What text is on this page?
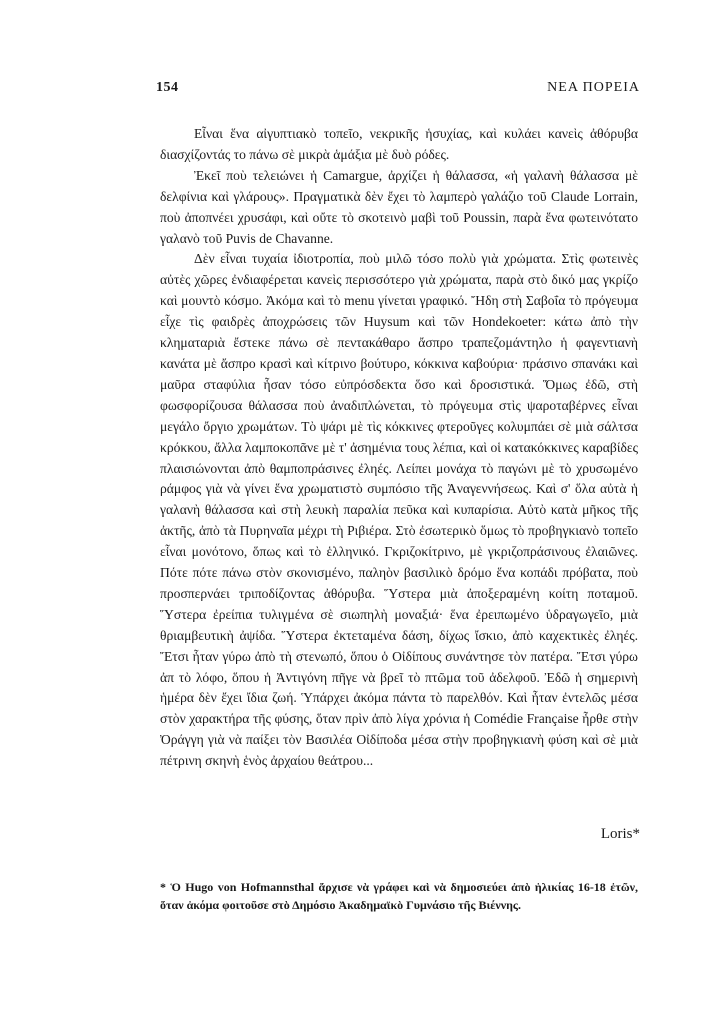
154	ΝΕΑ ΠΟΡΕΙΑ

Εἶναι ἕνα αἰγυπτιακὸ τοπεῖο, νεκρικῆς ἡσυχίας, καὶ κυλάει κανεὶς ἀθόρυβα διασχίζοντάς το πάνω σὲ μικρὰ ἁμάξια μὲ δυὸ ρόδες.

Ἐκεῖ ποὺ τελειώνει ἡ Camargue, ἀρχίζει ἡ θάλασσα, «ἡ γαλανὴ θάλασσα μὲ δελφίνια καὶ γλάρους». Πραγματικὰ δὲν ἔχει τὸ λαμπερὸ γαλάζιο τοῦ Claude Lorrain, ποὺ ἀποπνέει χρυσάφι, καὶ οὔτε τὸ σκοτεινὸ μαβὶ τοῦ Poussin, παρὰ ἕνα φωτεινότατο γαλανὸ τοῦ Puvis de Chavanne.

Δὲν εἶναι τυχαία ἰδιοτροπία, ποὺ μιλῶ τόσο πολὺ γιὰ χρώματα. Στὶς φωτεινὲς αὐτὲς χῶρες ἐνδιαφέρεται κανεὶς περισσότερο γιὰ χρώματα, παρὰ στὸ δικό μας γκρίζο καὶ μουντὸ κόσμο. Ἀκόμα καὶ τὸ menu γίνεται γραφικό. Ἤδη στὴ Σαβοΐα τὸ πρόγευμα εἶχε τὶς φαιδρὲς ἀποχρώσεις τῶν Huysum καὶ τῶν Hondekoeter: κάτω ἀπὸ τὴν κληματαριὰ ἔστεκε πάνω σὲ πεντακάθαρο ἄσπρο τραπεζομάντηλο ἡ φαγεντιανὴ κανάτα μὲ ἄσπρο κρασὶ καὶ κίτρινο βούτυρο, κόκκινα καβούρια· πράσινο σπανάκι καὶ μαῦρα σταφύλια ἦσαν τόσο εὐπρόσδεκτα ὅσο καὶ δροσιστικά. Ὅμως ἐδῶ, στὴ φωσφορίζουσα θάλασσα ποὺ ἀναδιπλώνεται, τὸ πρόγευμα στὶς ψαροταβέρνες εἶναι μεγάλο ὄργιο χρωμάτων. Τὸ ψάρι μὲ τὶς κόκκινες φτεροῦγες κολυμπάει σὲ μιὰ σάλτσα κρόκκου, ἄλλα λαμποκοπᾶνε μὲ τ' ἀσημένια τους λέπια, καὶ οἱ κατακόκκινες καραβίδες πλαισιώνονται ἀπὸ θαμποπράσινες ἐληές. Λείπει μονάχα τὸ παγώνι μὲ τὸ χρυσωμένο ράμφος γιὰ νὰ γίνει ἕνα χρωματιστὸ συμπόσιο τῆς Ἀναγεννήσεως. Καὶ σ' ὅλα αὐτὰ ἡ γαλανὴ θάλασσα καὶ στὴ λευκὴ παραλία πεῦκα καὶ κυπαρίσια. Αὐτὸ κατὰ μῆκος τῆς ἀκτῆς, ἀπὸ τὰ Πυρηναῖα μέχρι τὴ Ριβιέρα. Στὸ ἐσωτερικὸ ὅμως τὸ προβηγκιανὸ τοπεῖο εἶναι μονότονο, ὅπως καὶ τὸ ἑλληνικό. Γκριζοκίτρινο, μὲ γκριζοπράσινους ἐλαιῶνες. Πότε πότε πάνω στὸν σκονισμένο, παληὸν βασιλικὸ δρόμο ἕνα κοπάδι πρόβατα, ποὺ προσπερνάει τριποδίζοντας ἀθόρυβα. Ὕστερα μιὰ ἀποξεραμένη κοίτη ποταμοῦ. Ὕστερα ἐρείπια τυλιγμένα σὲ σιωπηλὴ μοναξιά· ἕνα ἐρειπωμένο ὑδραγωγεῖο, μιὰ θριαμβευτικὴ ἀψίδα. Ὕστερα ἐκτεταμένα δάση, δίχως ἴσκιο, ἀπὸ καχεκτικὲς ἐληές. Ἔτσι ἦταν γύρω ἀπὸ τὴ στενωπό, ὅπου ὁ Οἰδίπους συνάντησε τὸν πατέρα. Ἔτσι γύρω ἀπ τὸ λόφο, ὅπου ἡ Ἀντιγόνη πῆγε νὰ βρεῖ τὸ πτῶμα τοῦ ἀδελφοῦ. Ἐδῶ ἡ σημερινὴ ἡμέρα δὲν ἔχει ἴδια ζωή. Ὑπάρχει ἀκόμα πάντα τὸ παρελθόν. Καὶ ἦταν ἐντελῶς μέσα στὸν χαρακτήρα τῆς φύσης, ὅταν πρὶν ἀπὸ λίγα χρόνια ἡ Comédie Française ἦρθε στὴν Ὀράγγη γιὰ νὰ παίξει τὸν Βασιλέα Οἰδίποδα μέσα στὴν προβηγκιανὴ φύση καὶ σὲ μιὰ πέτρινη σκηνὴ ἑνὸς ἀρχαίου θεάτρου...

Loris*
* Ὁ Hugo von Hofmannsthal ἄρχισε νὰ γράφει καὶ νὰ δημοσιεύει ἀπὸ ἡλικίας 16-18 ἐτῶν, ὅταν ἀκόμα φοιτοῦσε στὸ Δημόσιο Ἀκαδημαϊκὸ Γυμνάσιο τῆς Βιέννης.
